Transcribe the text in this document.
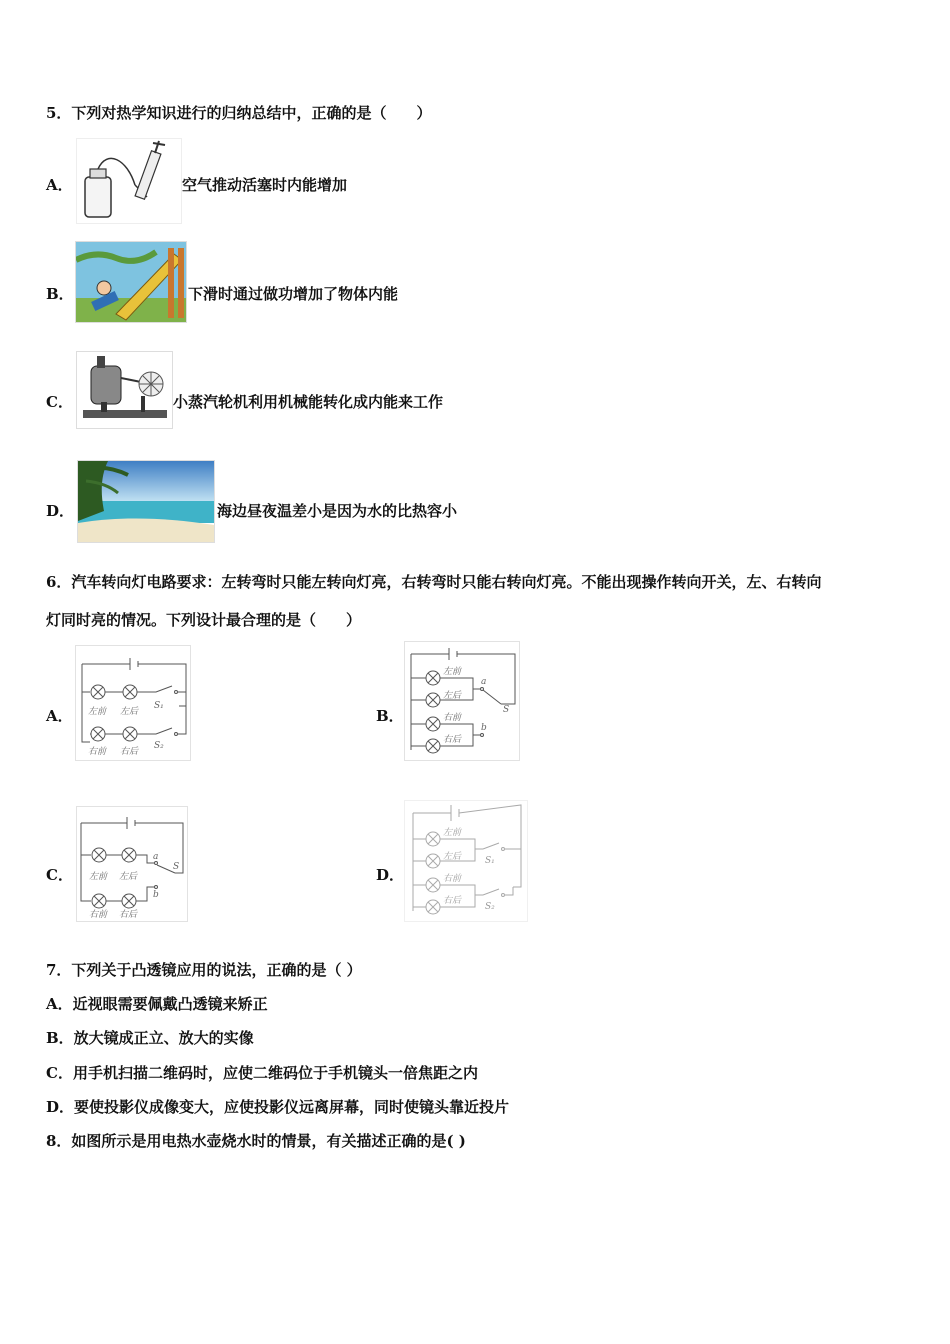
5．下列对热学知识进行的归纳总结中，正确的是（　　）
A．	空气推动活塞时内能增加
B．	下滑时通过做功增加了物体内能
C．	小蒸汽轮机利用机械能转化成内能来工作
D．	海边昼夜温差小是因为水的比热容小
6．汽车转向灯电路要求：左转弯时只能左转向灯亮，右转弯时只能右转向灯亮。不能出现操作转向开关，左、右转向
灯同时亮的情况。下列设计最合理的是（　　）
A． 左前 左后
右前 右后
S₁
S₂
B．
左前
左后
右前
右后
a
b
S
C． 左前 左后
右前 右后
a
b
S	D．
左前
左后
右前
右后
S₁
S₂
7．下列关于凸透镜应用的说法，正确的是（ ）
A．近视眼需要佩戴凸透镜来矫正
B．放大镜成正立、放大的实像
C．用手机扫描二维码时，应使二维码位于手机镜头一倍焦距之内
D．要使投影仪成像变大，应使投影仪远离屏幕，同时使镜头靠近投片
8．如图所示是用电热水壶烧水时的情景，有关描述正确的是( )
